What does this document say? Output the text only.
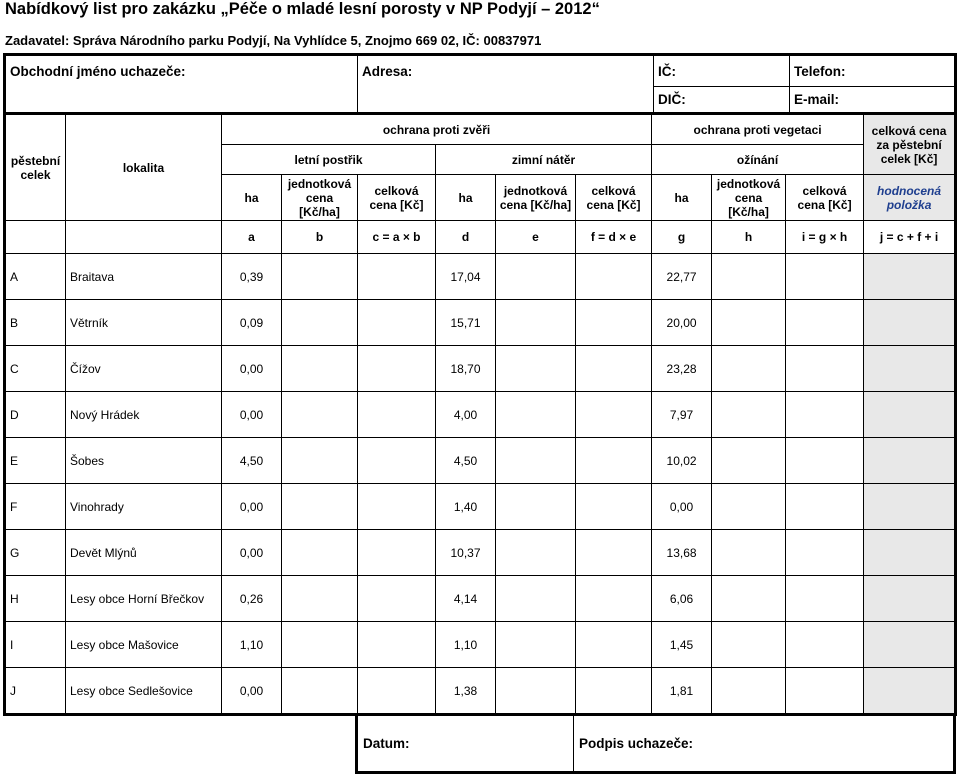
Nabídkový list pro zakázku „Péče o mladé lesní porosty v NP Podyjí – 2012“
Zadavatel: Správa Národního parku Podyjí, Na Vyhlídce 5, Znojmo 669 02, IČ: 00837971
Obchodní jméno uchazeče:	Adresa:	IČ:	Telefon:
		DIČ:	E-mail:
pěstební celek	lokalita	ochrana proti zvěři						ochrana proti vegetaci			celková cena za pěstební celek [Kč]
		letní postřik			zimní nátěr			ožínání			
		ha	jednotková cena [Kč/ha]	celková cena [Kč]	ha	jednotková cena [Kč/ha]	celková cena [Kč]	ha	jednotková cena [Kč/ha]	celková cena [Kč]	hodnocená položka
		a	b	c = a × b	d	e	f = d × e	g	h	i = g × h	j = c + f + i
A	Braitava	0,39			17,04			22,77			
B	Větrník	0,09			15,71			20,00			
C	Čížov	0,00			18,70			23,28			
D	Nový Hrádek	0,00			4,00			7,97			
E	Šobes	4,50			4,50			10,02			
F	Vinohrady	0,00			1,40			0,00			
G	Devět Mlýnů	0,00			10,37			13,68			
H	Lesy obce Horní Břečkov	0,26			4,14			6,06			
I	Lesy obce Mašovice	1,10			1,10			1,45			
J	Lesy obce Sedlešovice	0,00			1,38			1,81			
Datum:	Podpis uchazeče:
